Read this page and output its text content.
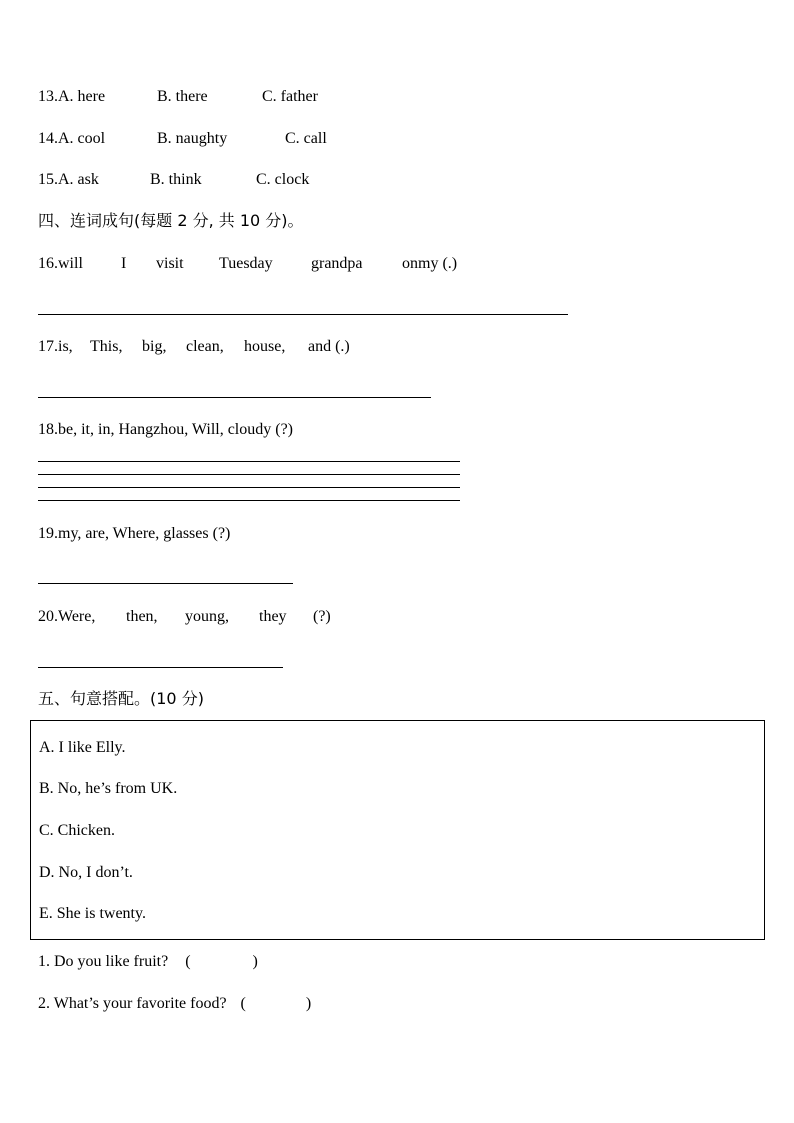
13.A. here	B. there	C. father
14.A. cool	B. naughty	C. call
15.A. ask	B. think	C. clock
四、连词成句(每题 2 分, 共 10 分)。
16.will I visit Tuesday grandpa onmy (.)
17.is, This, big, clean, house, and (.)
18.be, it, in, Hangzhou, Will, cloudy (?)
19.my, are, Where, glasses (?)
20.Were, then, young, they (?)
五、句意搭配。(10 分)
A. I like Elly.
B. No, he’s from UK.
C. Chicken.
D. No, I don’t.
E. She is twenty.
1. Do you like fruit? (	)
2. What’s your favorite food? (	)
